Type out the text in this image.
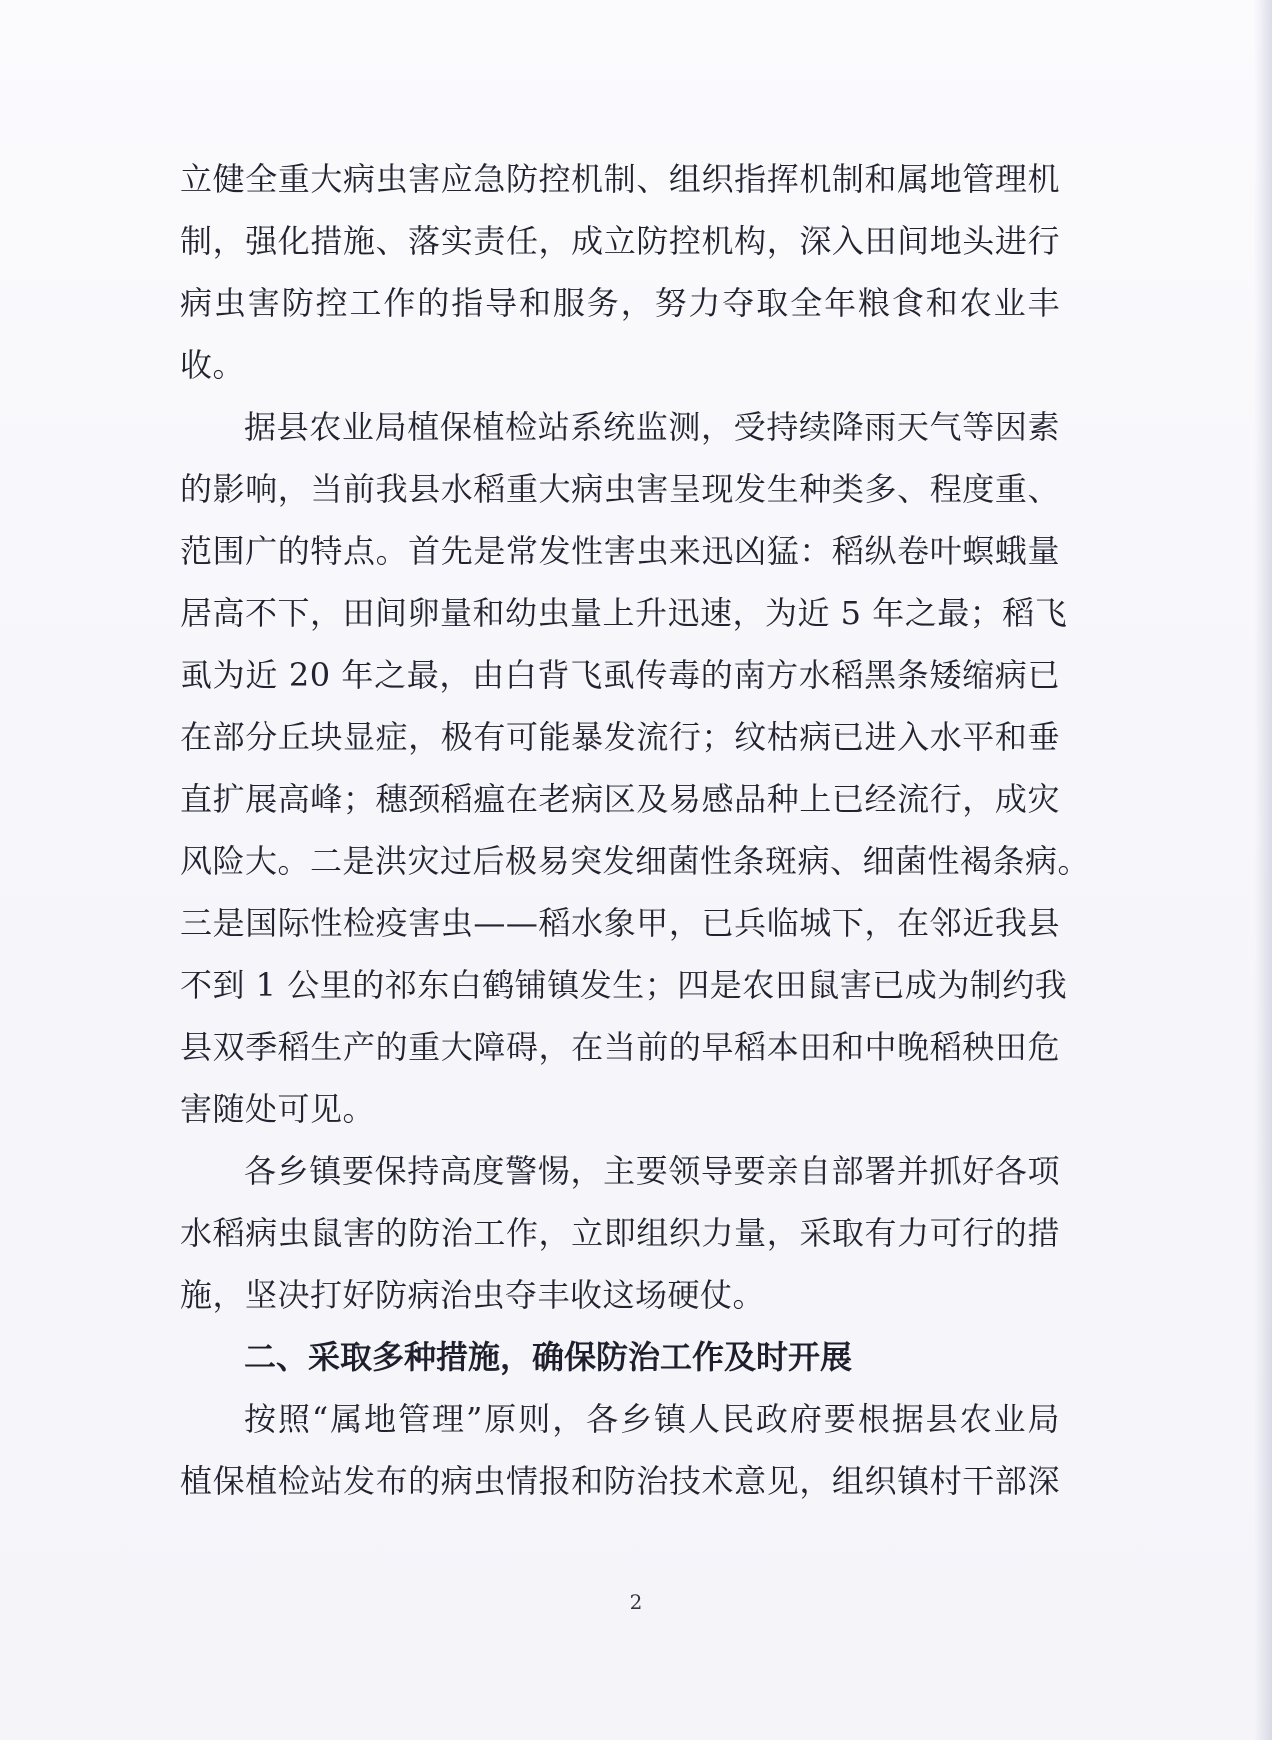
立健全重大病虫害应急防控机制、组织指挥机制和属地管理机
制，强化措施、落实责任，成立防控机构，深入田间地头进行
病虫害防控工作的指导和服务，努力夺取全年粮食和农业丰
收。
据县农业局植保植检站系统监测，受持续降雨天气等因素
的影响，当前我县水稻重大病虫害呈现发生种类多、程度重、
范围广的特点。首先是常发性害虫来迅凶猛：稻纵卷叶螟蛾量
居高不下，田间卵量和幼虫量上升迅速，为近 5 年之最；稻飞
虱为近 20 年之最，由白背飞虱传毒的南方水稻黑条矮缩病已
在部分丘块显症，极有可能暴发流行；纹枯病已进入水平和垂
直扩展高峰；穗颈稻瘟在老病区及易感品种上已经流行，成灾
风险大。二是洪灾过后极易突发细菌性条斑病、细菌性褐条病。
三是国际性检疫害虫——稻水象甲，已兵临城下，在邻近我县
不到 1 公里的祁东白鹤铺镇发生；四是农田鼠害已成为制约我
县双季稻生产的重大障碍，在当前的早稻本田和中晚稻秧田危
害随处可见。
各乡镇要保持高度警惕，主要领导要亲自部署并抓好各项
水稻病虫鼠害的防治工作，立即组织力量，采取有力可行的措
施，坚决打好防病治虫夺丰收这场硬仗。
二、采取多种措施，确保防治工作及时开展
按照“属地管理”原则，各乡镇人民政府要根据县农业局
植保植检站发布的病虫情报和防治技术意见，组织镇村干部深
2
